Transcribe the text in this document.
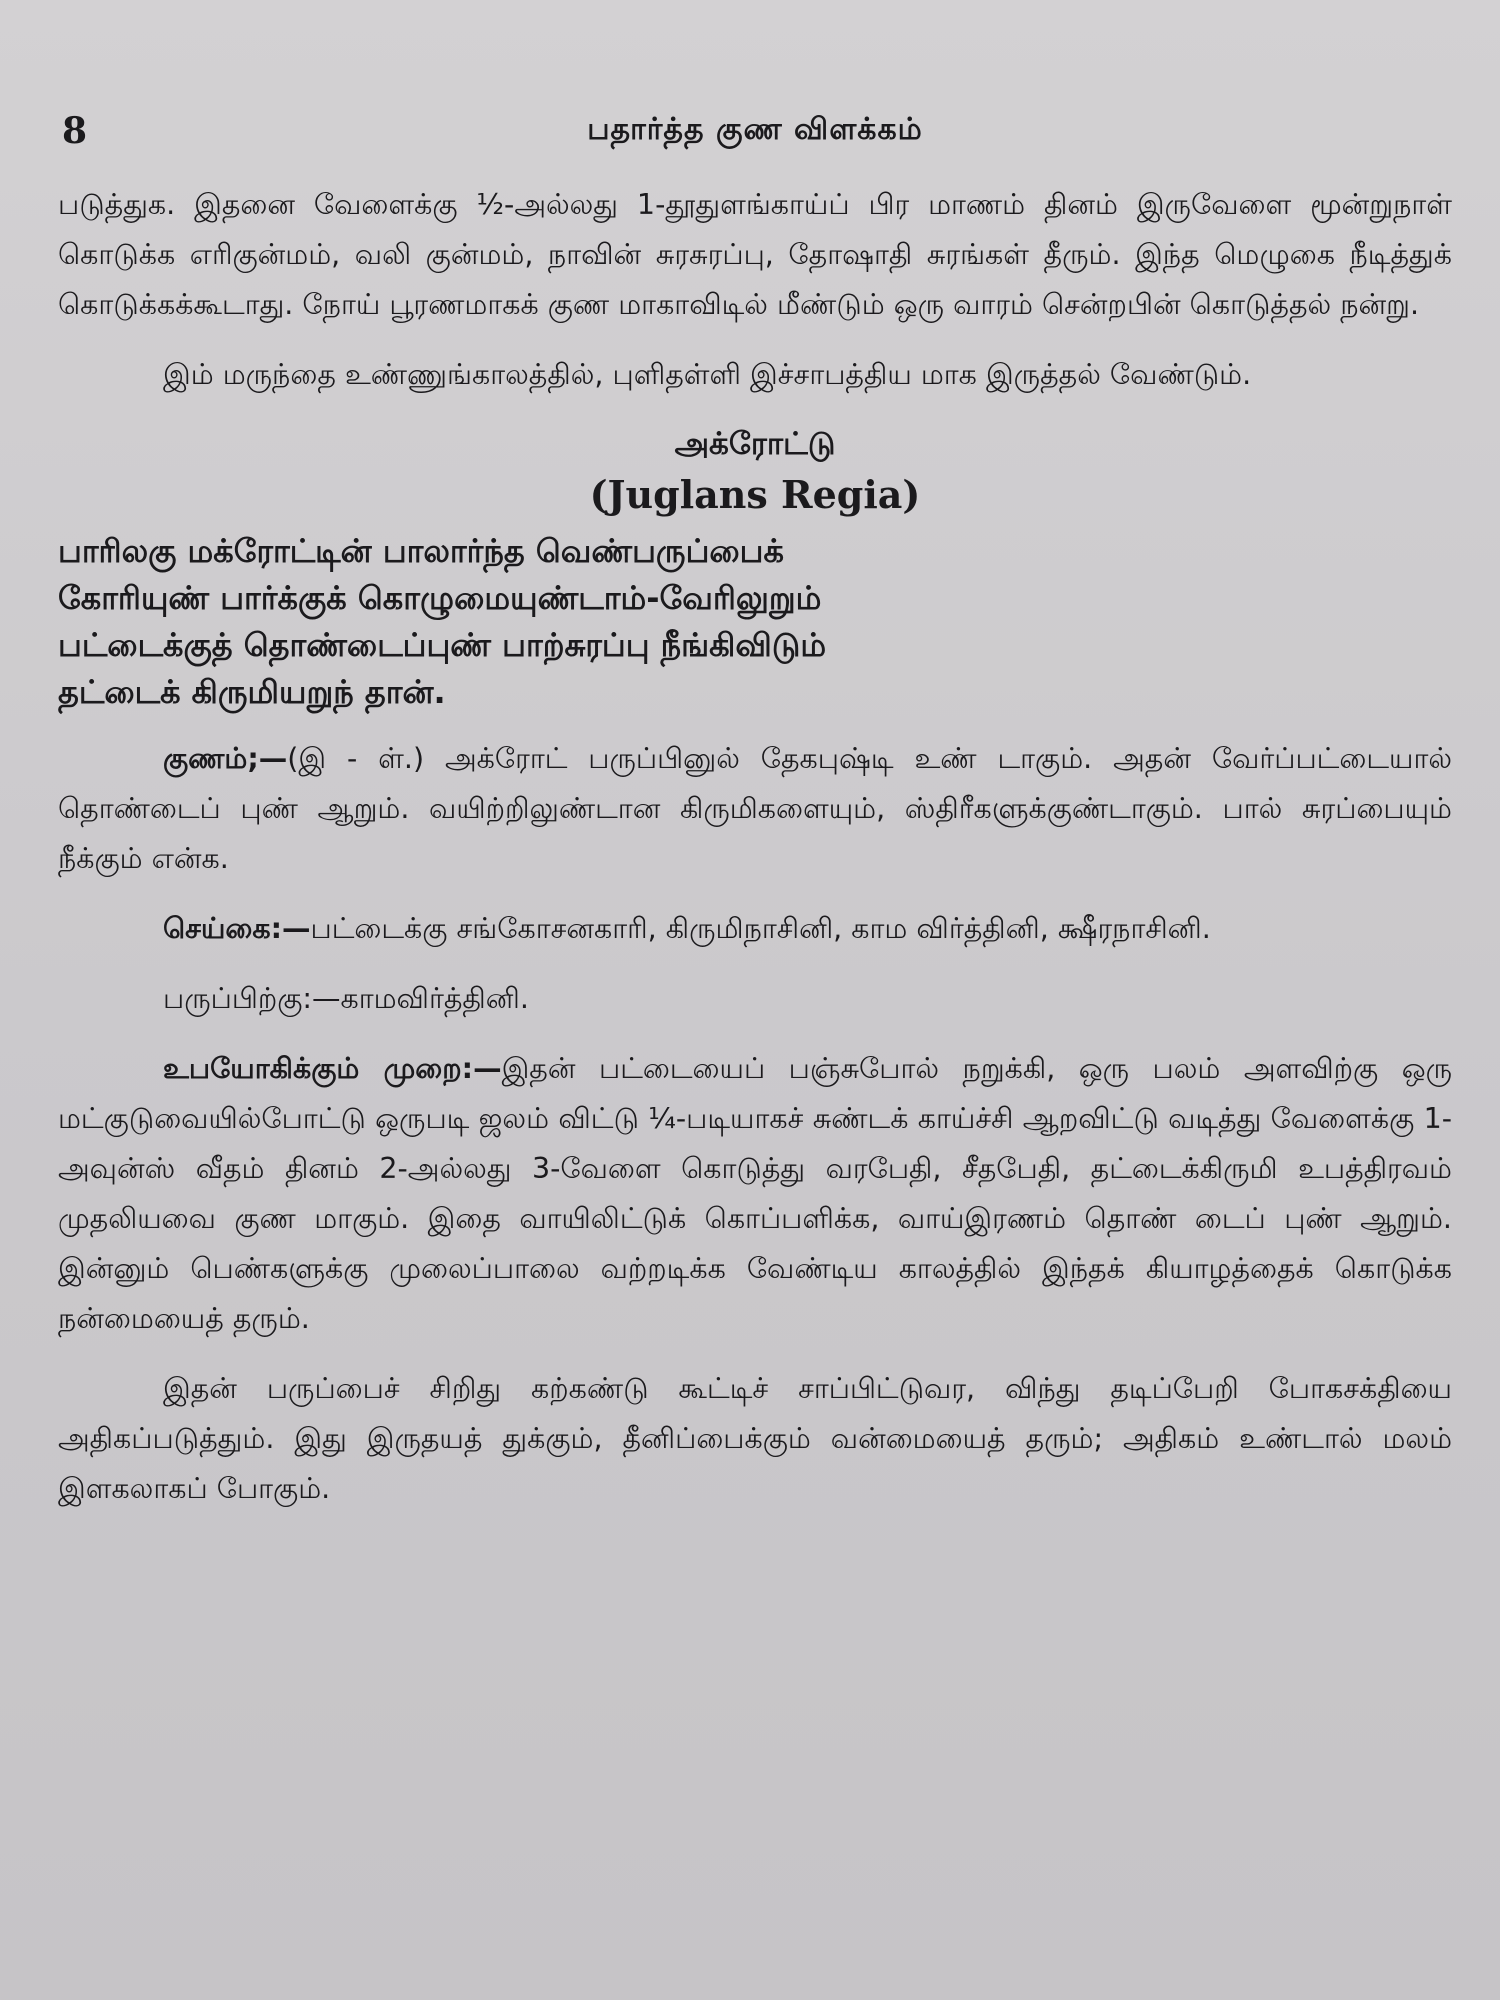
8	பதார்த்த குண விளக்கம்

படுத்துக. இதனை வேளைக்கு ½-அல்லது 1-தூதுளங்காய்ப் பிர மாணம் தினம் இருவேளை மூன்றுநாள் கொடுக்க எரிகுன்மம், வலி குன்மம், நாவின் சுரசுரப்பு, தோஷாதி சுரங்கள் தீரும். இந்த மெழுகை நீடித்துக் கொடுக்கக்கூடாது. நோய் பூரணமாகக் குண மாகாவிடில் மீண்டும் ஒரு வாரம் சென்றபின் கொடுத்தல் நன்று.

இம் மருந்தை உண்ணுங்காலத்தில், புளிதள்ளி இச்சாபத்திய மாக இருத்தல் வேண்டும்.

அக்ரோட்டு
(Juglans Regia)
பாரிலகு மக்ரோட்டின் பாலார்ந்த வெண்பருப்பைக்
கோரியுண் பார்க்குக் கொழுமையுண்டாம்-வேரிலுறும்
பட்டைக்குத் தொண்டைப்புண் பாற்சுரப்பு நீங்கிவிடும்
தட்டைக் கிருமியறுந் தான்.

குணம்;—(இ - ள்.) அக்ரோட் பருப்பினுல் தேகபுஷ்டி உண் டாகும். அதன் வேர்ப்பட்டையால் தொண்டைப் புண் ஆறும். வயிற்றிலுண்டான கிருமிகளையும், ஸ்திரீகளுக்குண்டாகும். பால் சுரப்பையும் நீக்கும் என்க.

செய்கை:—பட்டைக்கு சங்கோசனகாரி, கிருமிநாசினி, காம விர்த்தினி, க்ஷீரநாசினி.

பருப்பிற்கு:—காமவிர்த்தினி.

உபயோகிக்கும் முறை:—இதன் பட்டையைப் பஞ்சுபோல் நறுக்கி, ஒரு பலம் அளவிற்கு ஒரு மட்குடுவையில்போட்டு ஒருபடி ஜலம் விட்டு ¼-படியாகச் சுண்டக் காய்ச்சி ஆறவிட்டு வடித்து வேளைக்கு 1-அவுன்ஸ் வீதம் தினம் 2-அல்லது 3-வேளை கொடுத்து வரபேதி, சீதபேதி, தட்டைக்கிருமி உபத்திரவம் முதலியவை குண மாகும். இதை வாயிலிட்டுக் கொப்பளிக்க, வாய்இரணம் தொண் டைப் புண் ஆறும். இன்னும் பெண்களுக்கு முலைப்பாலை வற்றடிக்க வேண்டிய காலத்தில் இந்தக் கியாழத்தைக் கொடுக்க நன்மையைத் தரும்.

இதன் பருப்பைச் சிறிது கற்கண்டு கூட்டிச் சாப்பிட்டுவர, விந்து தடிப்பேறி போகசக்தியை அதிகப்படுத்தும். இது இருதயத் துக்கும், தீனிப்பைக்கும் வன்மையைத் தரும்; அதிகம் உண்டால் மலம் இளகலாகப் போகும்.
